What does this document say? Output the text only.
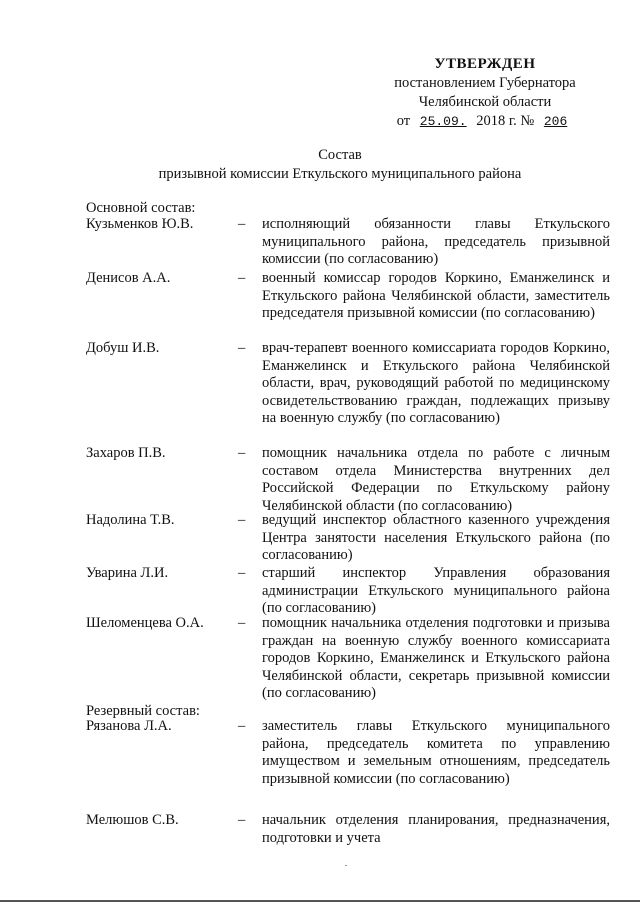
УТВЕРЖДЕН
постановлением Губернатора
Челябинской области
от 25.09. 2018 г. № 206
Состав
призывной комиссии Еткульского муниципального района
Основной состав:
Кузьменков Ю.В.	– исполняющий обязанности главы Еткульского муниципального района, председатель призывной комиссии (по согласованию)
Денисов А.А.	– военный комиссар городов Коркино, Еманжелинск и Еткульского района Челябинской области, заместитель председателя призывной комиссии (по согласованию)
Добуш И.В.	– врач-терапевт военного комиссариата городов Коркино, Еманжелинск и Еткульского района Челябинской области, врач, руководящий работой по медицинскому освидетельствованию граждан, подлежащих призыву на военную службу (по согласованию)
Захаров П.В.	– помощник начальника отдела по работе с личным составом отдела Министерства внутренних дел Российской Федерации по Еткульскому району Челябинской области (по согласованию)
Надолина Т.В.	– ведущий инспектор областного казенного учреждения Центра занятости населения Еткульского района (по согласованию)
Уварина Л.И.	– старший инспектор Управления образования администрации Еткульского муниципального района (по согласованию)
Шеломенцева О.А. – помощник начальника отделения подготовки и призыва граждан на военную службу военного комиссариата городов Коркино, Еманжелинск и Еткульского района Челябинской области, секретарь призывной комиссии (по согласованию)
Резервный состав:
Рязанова Л.А.	– заместитель главы Еткульского муниципального района, председатель комитета по управлению имуществом и земельным отношениям, председатель призывной комиссии (по согласованию)
Мелюшов С.В.	– начальник отделения планирования, предназначения, подготовки и учета
